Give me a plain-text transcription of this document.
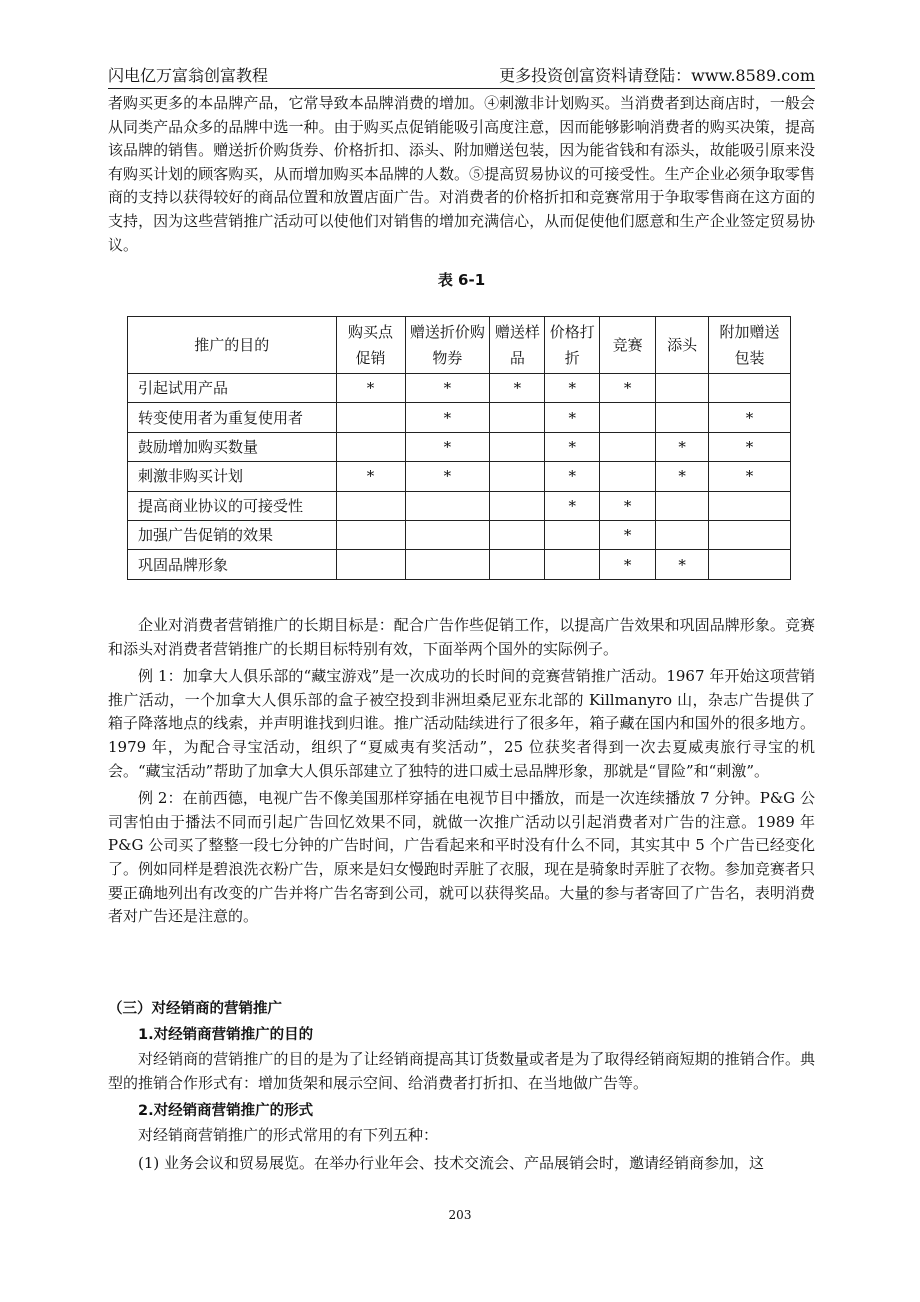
闪电亿万富翁创富教程	更多投资创富资料请登陆：www.8589.com

者购买更多的本品牌产品，它常导致本品牌消费的增加。④刺激非计划购买。当消费者到达商店时，一般会从同类产品众多的品牌中选一种。由于购买点促销能吸引高度注意，因而能够影响消费者的购买决策，提高该品牌的销售。赠送折价购货券、价格折扣、添头、附加赠送包装，因为能省钱和有添头，故能吸引原来没有购买计划的顾客购买，从而增加购买本品牌的人数。⑤提高贸易协议的可接受性。生产企业必须争取零售商的支持以获得较好的商品位置和放置店面广告。对消费者的价格折扣和竞赛常用于争取零售商在这方面的支持，因为这些营销推广活动可以使他们对销售的增加充满信心，从而促使他们愿意和生产企业签定贸易协议。

表 6-1
推广的目的	购买点促销	赠送折价购物券	赠送样品	价格打折	竞赛	添头	附加赠送包装
引起试用产品	*	*	*	*	*		
转变使用者为重复使用者		*		*			*
鼓励增加购买数量		*		*		*	*
刺激非购买计划	*	*		*		*	*
提高商业协议的可接受性				*	*		
加强广告促销的效果					*		
巩固品牌形象					*	*	

企业对消费者营销推广的长期目标是：配合广告作些促销工作，以提高广告效果和巩固品牌形象。竞赛和添头对消费者营销推广的长期目标特别有效，下面举两个国外的实际例子。

例 1：加拿大人俱乐部的“藏宝游戏”是一次成功的长时间的竞赛营销推广活动。1967 年开始这项营销推广活动，一个加拿大人俱乐部的盒子被空投到非洲坦桑尼亚东北部的 Killmanyro 山，杂志广告提供了箱子降落地点的线索，并声明谁找到归谁。推广活动陆续进行了很多年，箱子藏在国内和国外的很多地方。1979 年，为配合寻宝活动，组织了“夏威夷有奖活动”，25 位获奖者得到一次去夏威夷旅行寻宝的机会。“藏宝活动”帮助了加拿大人俱乐部建立了独特的进口威士忌品牌形象，那就是“冒险”和“刺激”。

例 2：在前西德，电视广告不像美国那样穿插在电视节目中播放，而是一次连续播放 7 分钟。P&G 公司害怕由于播法不同而引起广告回忆效果不同，就做一次推广活动以引起消费者对广告的注意。1989 年 P&G 公司买了整整一段七分钟的广告时间，广告看起来和平时没有什么不同，其实其中 5 个广告已经变化了。例如同样是碧浪洗衣粉广告，原来是妇女慢跑时弄脏了衣服，现在是骑象时弄脏了衣物。参加竞赛者只要正确地列出有改变的广告并将广告名寄到公司，就可以获得奖品。大量的参与者寄回了广告名，表明消费者对广告还是注意的。

（三）对经销商的营销推广

1.对经销商营销推广的目的

对经销商的营销推广的目的是为了让经销商提高其订货数量或者是为了取得经销商短期的推销合作。典型的推销合作形式有：增加货架和展示空间、给消费者打折扣、在当地做广告等。

2.对经销商营销推广的形式

对经销商营销推广的形式常用的有下列五种：

(1) 业务会议和贸易展览。在举办行业年会、技术交流会、产品展销会时，邀请经销商参加，这

203
